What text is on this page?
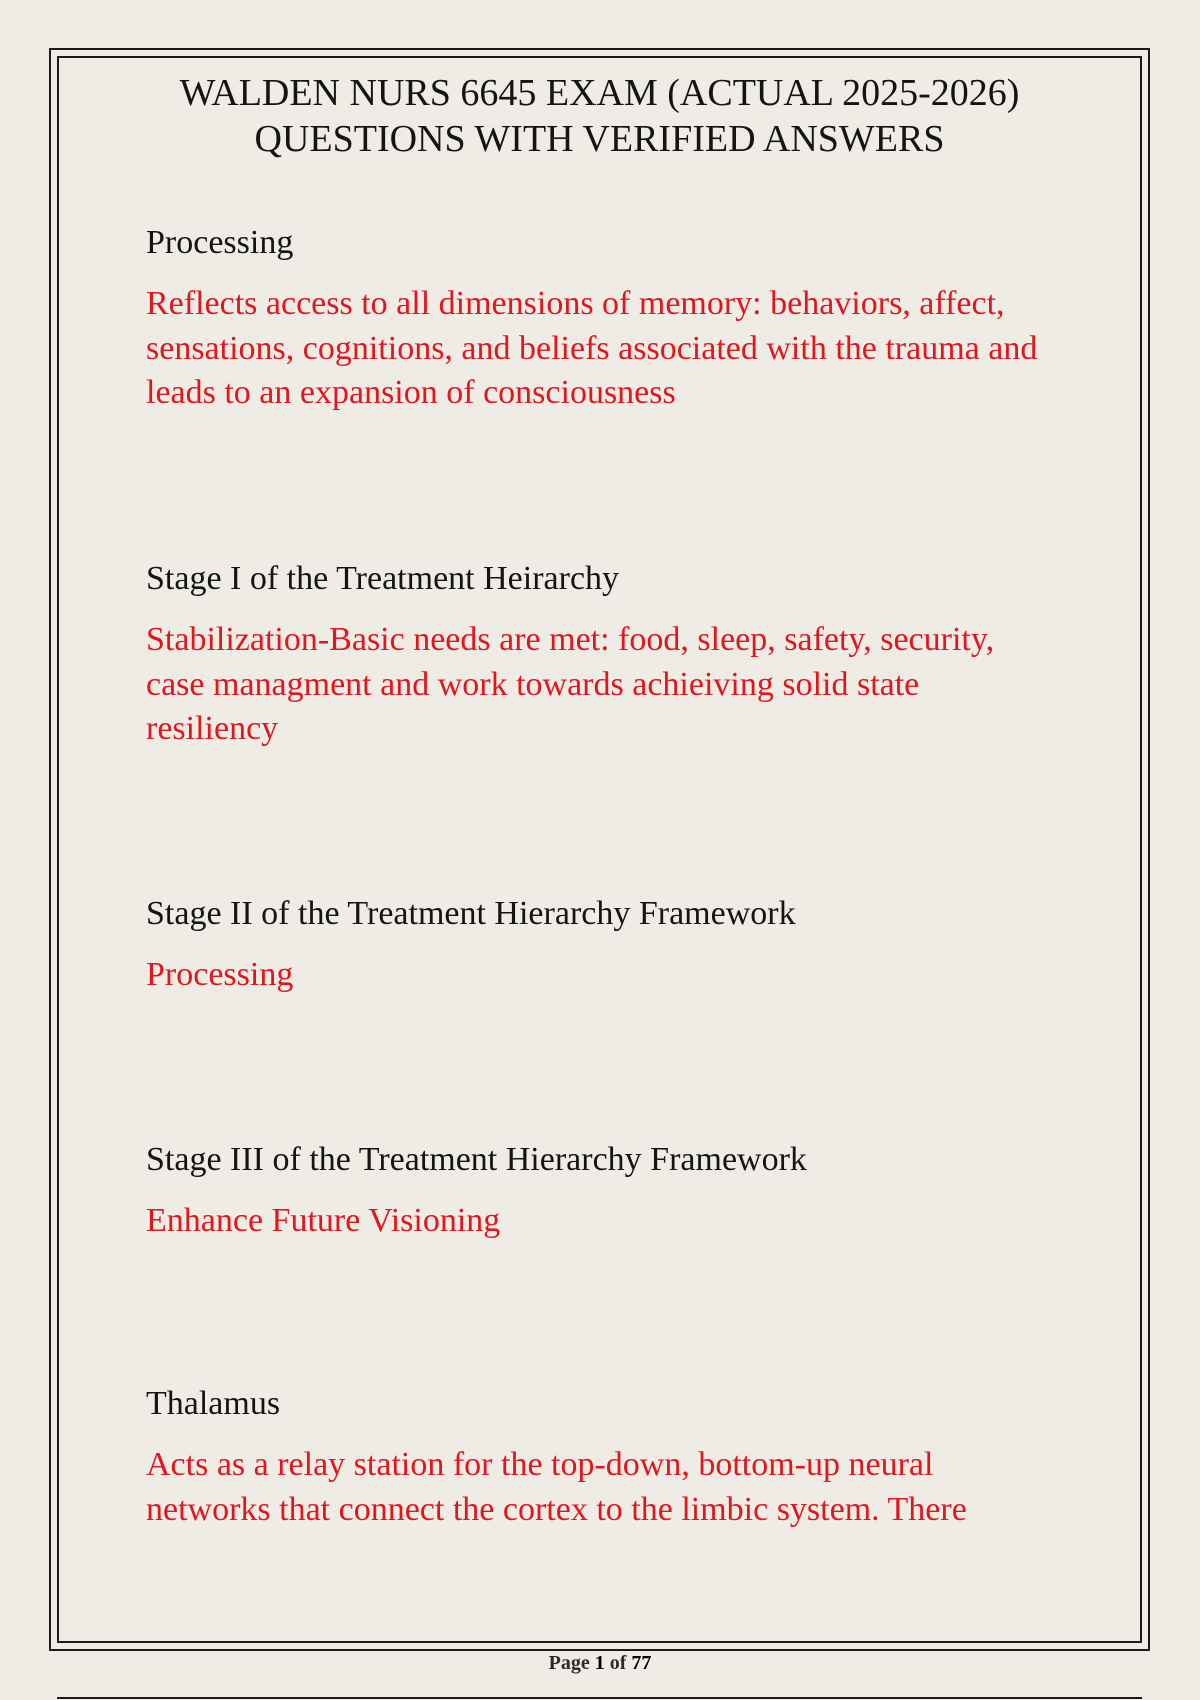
WALDEN NURS 6645 EXAM (ACTUAL 2025-2026)
QUESTIONS WITH VERIFIED ANSWERS
Processing
Reflects access to all dimensions of memory: behaviors, affect, sensations, cognitions, and beliefs associated with the trauma and leads to an expansion of consciousness
Stage I of the Treatment Heirarchy
Stabilization-Basic needs are met: food, sleep, safety, security, case managment and work towards achieiving solid state resiliency
Stage II of the Treatment Hierarchy Framework
Processing
Stage III of the Treatment Hierarchy Framework
Enhance Future Visioning
Thalamus
Acts as a relay station for the top-down, bottom-up neural networks that connect the cortex to the limbic system. There
Page 1 of 77
